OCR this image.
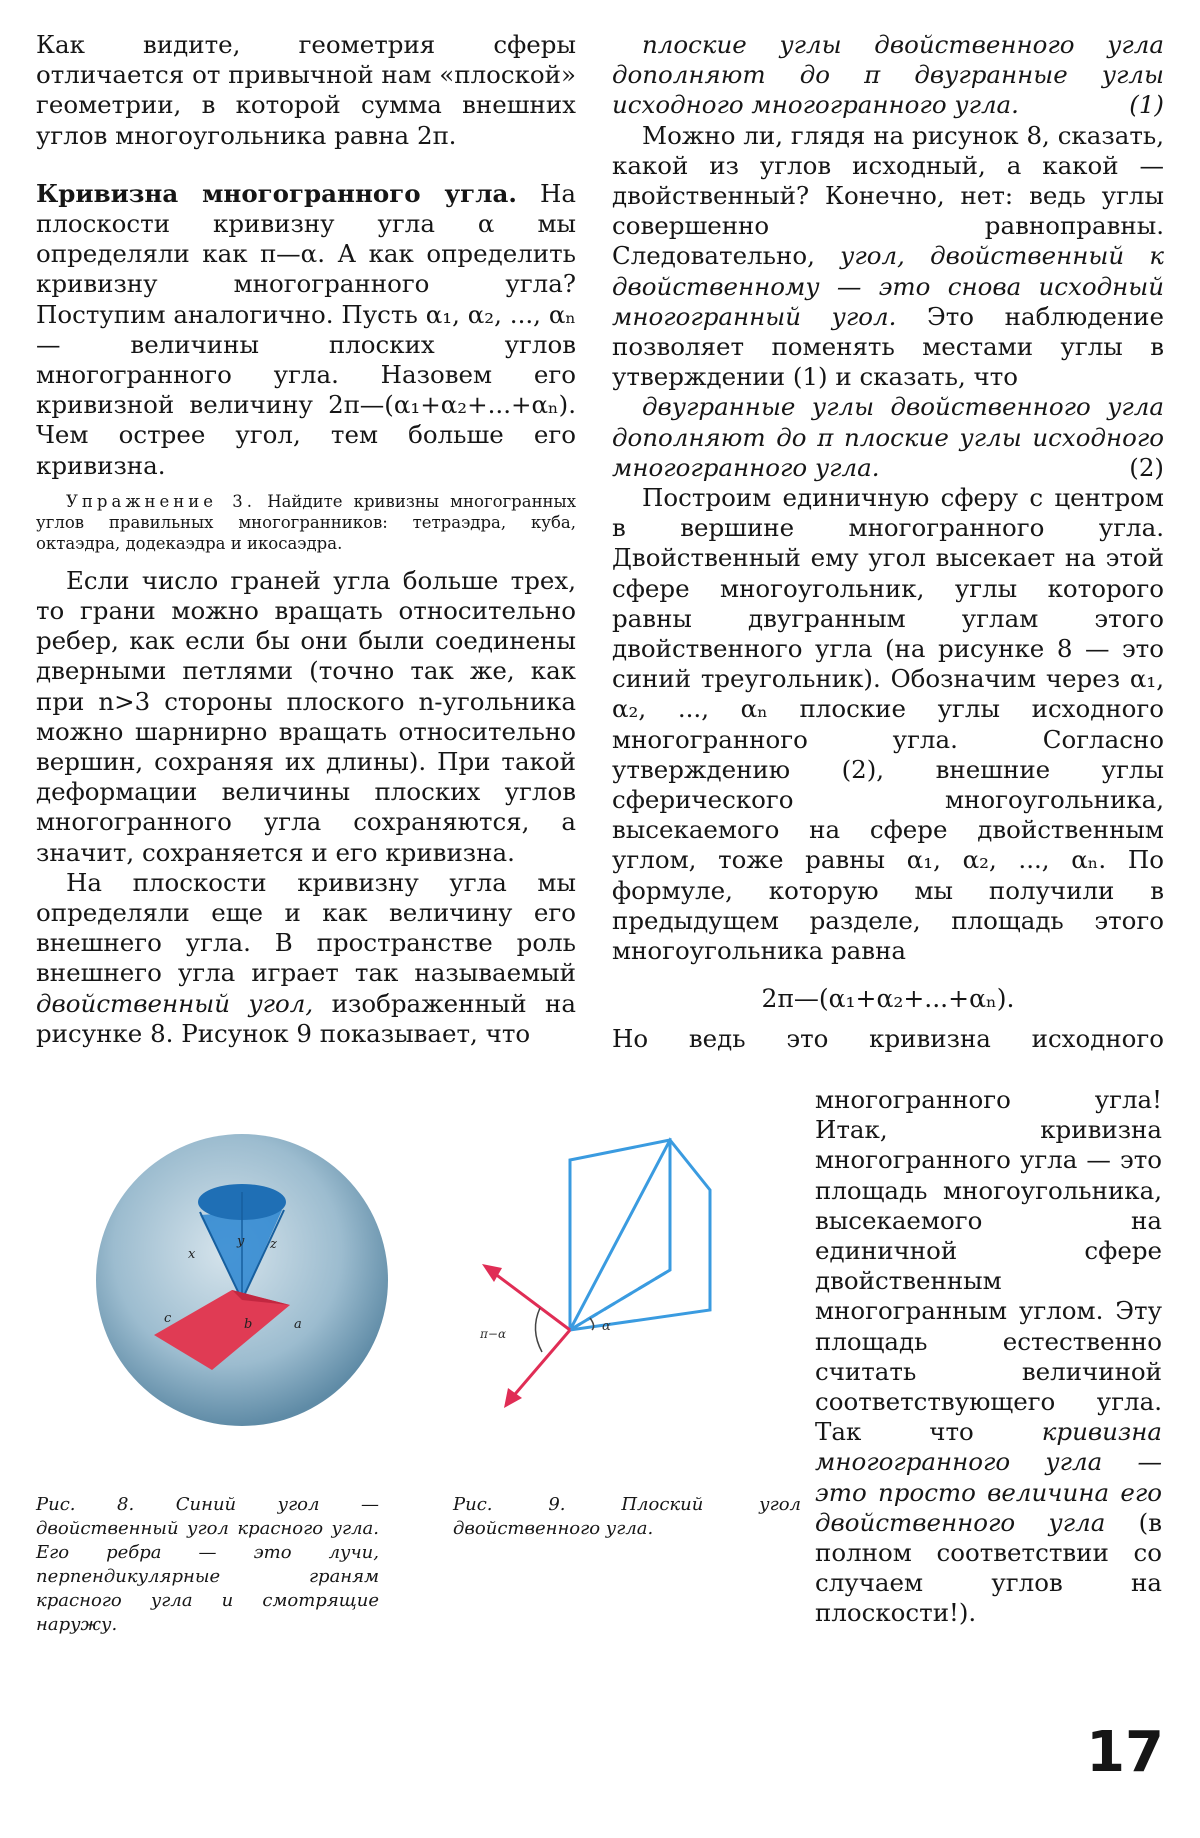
Как видите, геометрия сферы отличается от привычной нам «плоской» геометрии, в которой сумма внешних углов многоугольника равна 2π.

Кривизна многогранного угла. На плоскости кривизну угла α мы определяли как π—α. А как определить кривизну многогранного угла? Поступим аналогично. Пусть α₁, α₂, ..., αₙ — величины плоских углов многогранного угла. Назовем его кривизной величину 2π—(α₁+α₂+...+αₙ). Чем острее угол, тем больше его кривизна.

Упражнение 3. Найдите кривизны многогранных углов правильных многогранников: тетраэдра, куба, октаэдра, додекаэдра и икосаэдра.

Если число граней угла больше трех, то грани можно вращать относительно ребер, как если бы они были соединены дверными петлями (точно так же, как при n>3 стороны плоского n-угольника можно шарнирно вращать относительно вершин, сохраняя их длины). При такой деформации величины плоских углов многогранного угла сохраняются, а значит, сохраняется и его кривизна.

На плоскости кривизну угла мы определяли еще и как величину его внешнего угла. В пространстве роль внешнего угла играет так называемый двойственный угол, изображенный на рисунке 8. Рисунок 9 показывает, что

плоские углы двойственного угла дополняют до π двугранные углы исходного многогранного угла.	(1)

Можно ли, глядя на рисунок 8, сказать, какой из углов исходный, а какой — двойственный? Конечно, нет: ведь углы совершенно равноправны. Следовательно, угол, двойственный к двойственному — это снова исходный многогранный угол. Это наблюдение позволяет поменять местами углы в утверждении (1) и сказать, что

двугранные углы двойственного угла дополняют до π плоские углы исходного многогранного угла.	(2)

Построим единичную сферу с центром в вершине многогранного угла. Двойственный ему угол высекает на этой сфере многоугольник, углы которого равны двугранным углам этого двойственного угла (на рисунке 8 — это синий треугольник). Обозначим через α₁, α₂, ..., αₙ плоские углы исходного многогранного угла. Согласно утверждению (2), внешние углы сферического многоугольника, высекаемого на сфере двойственным углом, тоже равны α₁, α₂, ..., αₙ. По формуле, которую мы получили в предыдущем разделе, площадь этого многоугольника равна

2π—(α₁+α₂+...+αₙ).

Но ведь это кривизна исходного

многогранного угла! Итак, кривизна многогранного угла — это площадь многоугольника, высекаемого на единичной сфере двойственным многогранным углом. Эту площадь естественно считать величиной соответствующего угла. Так что кривизна многогранного угла — это просто величина его двойственного угла (в полном соответствии со случаем углов на плоскости!).

x
y z
a
b
c
π−α	α
Рис. 8. Синий угол — двойственный угол красного угла. Его ребра — это лучи, перпендикулярные граням красного угла и смотрящие наружу.
Рис. 9. Плоский угол двойственного угла.
17
